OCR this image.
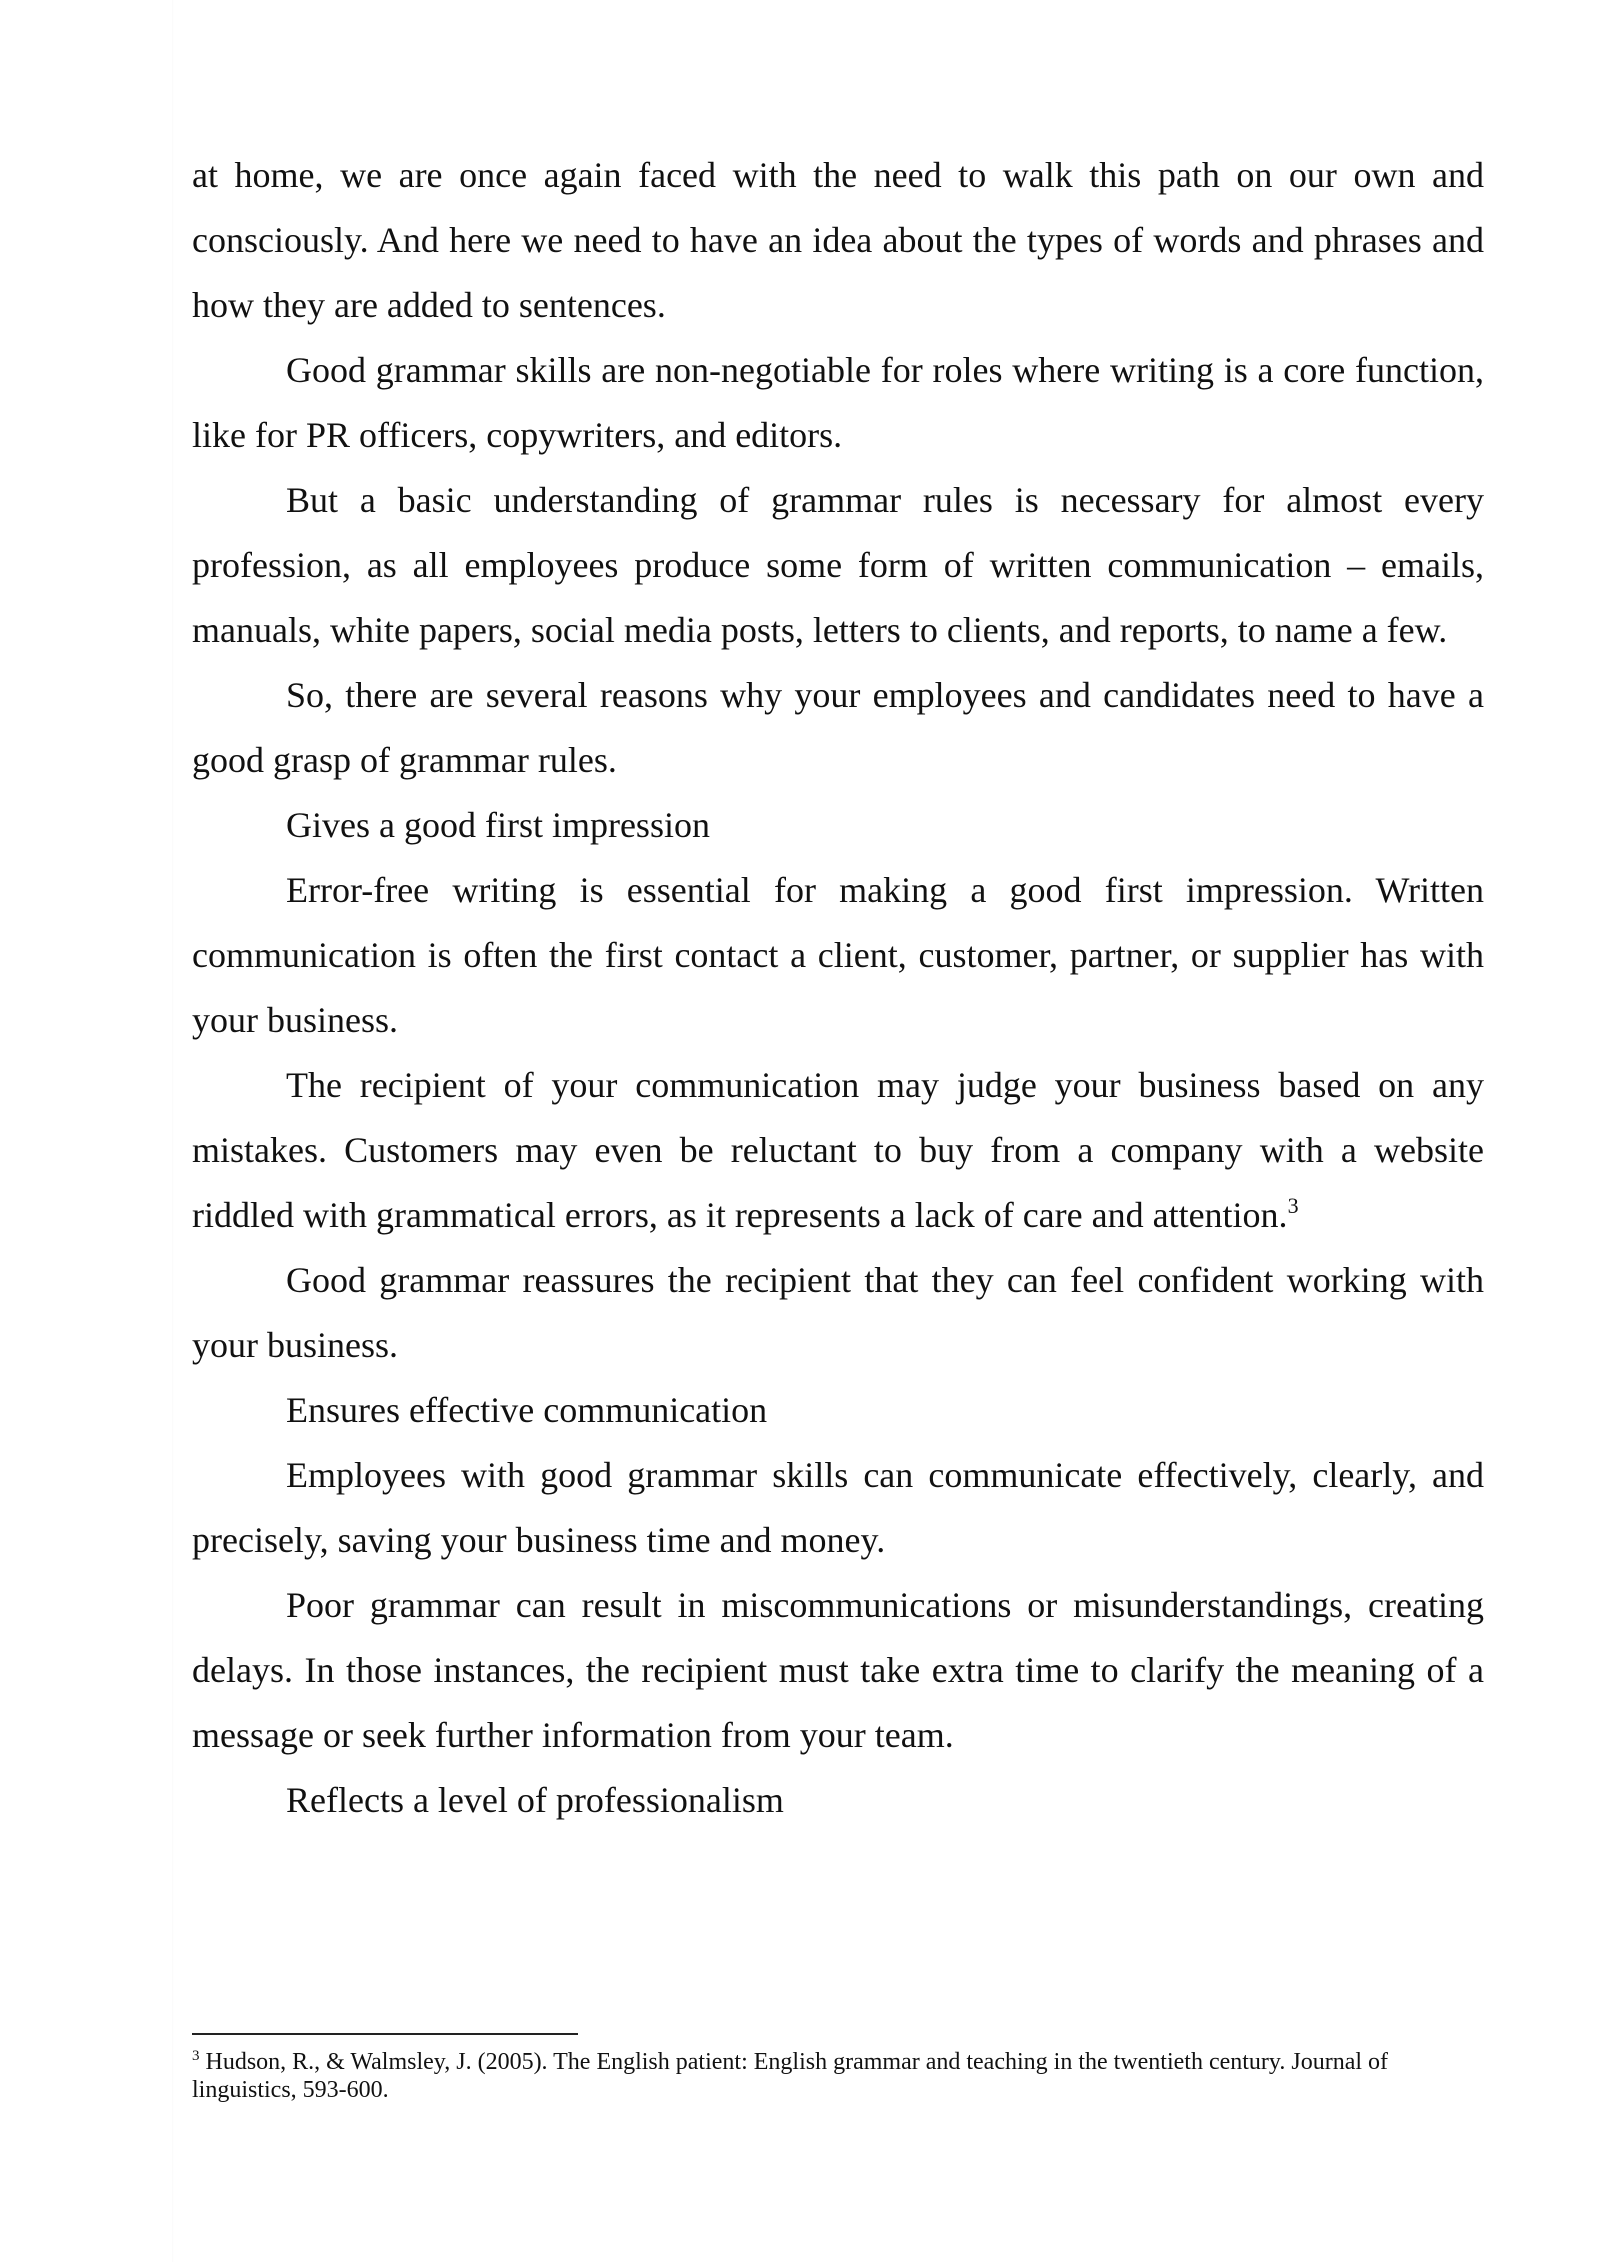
at home, we are once again faced with the need to walk this path on our own and consciously. And here we need to have an idea about the types of words and phrases and how they are added to sentences.

Good grammar skills are non-negotiable for roles where writing is a core function, like for PR officers, copywriters, and editors.

But a basic understanding of grammar rules is necessary for almost every profession, as all employees produce some form of written communication – emails, manuals, white papers, social media posts, letters to clients, and reports, to name a few.

So, there are several reasons why your employees and candidates need to have a good grasp of grammar rules.

Gives a good first impression

Error-free writing is essential for making a good first impression. Written communication is often the first contact a client, customer, partner, or supplier has with your business.

The recipient of your communication may judge your business based on any mistakes. Customers may even be reluctant to buy from a company with a website riddled with grammatical errors, as it represents a lack of care and attention.$^3$

Good grammar reassures the recipient that they can feel confident working with your business.

Ensures effective communication

Employees with good grammar skills can communicate effectively, clearly, and precisely, saving your business time and money.

Poor grammar can result in miscommunications or misunderstandings, creating delays. In those instances, the recipient must take extra time to clarify the meaning of a message or seek further information from your team.

Reflects a level of professionalism

$^3$ Hudson, R., & Walmsley, J. (2005). The English patient: English grammar and teaching in the twentieth century. Journal of linguistics, 593-600.
